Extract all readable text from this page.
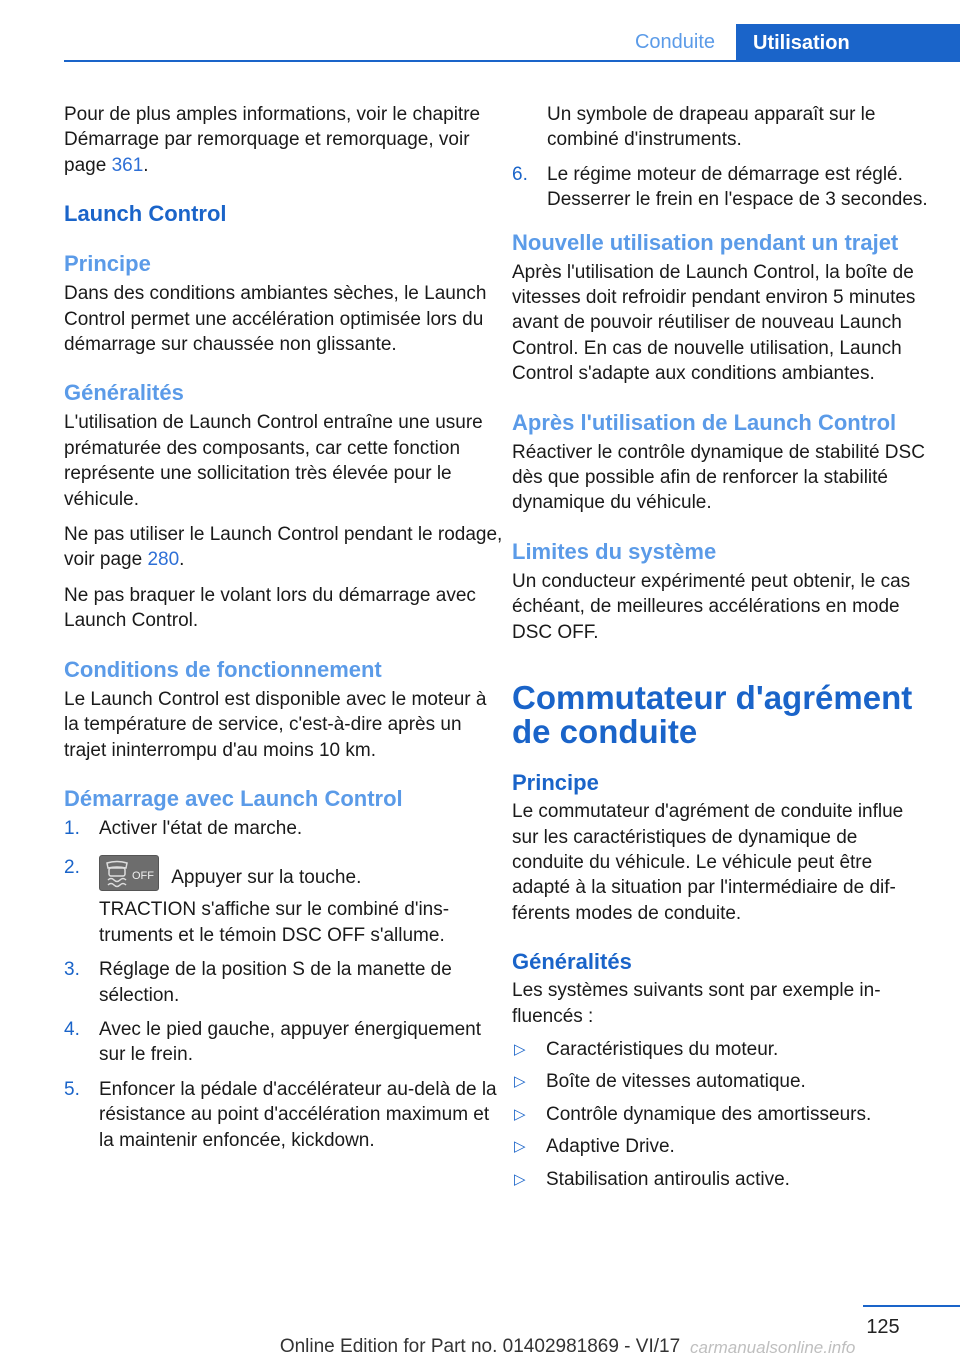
Conduite	Utilisation

Pour de plus amples informations, voir le chapitre Démarrage par remorquage et remorquage, voir page 361.

Launch Control
Principe

Dans des conditions ambiantes sèches, le Launch Control permet une accélération optimisée lors du démarrage sur chaussée non glissante.

Généralités

L'utilisation de Launch Control entraîne une usure prématurée des composants, car cette fonction représente une sollicitation très élevée pour le véhicule.

Ne pas utiliser le Launch Control pendant le rodage, voir page 280.

Ne pas braquer le volant lors du démarrage avec Launch Control.

Conditions de fonctionnement

Le Launch Control est disponible avec le moteur à la température de service, c'est-à-dire après un trajet ininterrompu d'au moins 10 km.

Démarrage avec Launch Control
1. Activer l'état de marche.
2.	OFF Appuyer sur la touche.

TRACTION s'affiche sur le combiné d'instruments et le témoin DSC OFF s'allume.

3. Réglage de la position S de la manette de sélection.
4. Avec le pied gauche, appuyer énergiquement sur le frein.
5. Enfoncer la pédale d'accélérateur au-delà de la résistance au point d'accélération maximum et la maintenir enfoncée, kickdown.
Un symbole de drapeau apparaît sur le combiné d'instruments.
6. Le régime moteur de démarrage est réglé. Desserrer le frein en l'espace de 3 secondes.
Nouvelle utilisation pendant un trajet

Après l'utilisation de Launch Control, la boîte de vitesses doit refroidir pendant environ 5 minutes avant de pouvoir réutiliser de nouveau Launch Control. En cas de nouvelle utilisation, Launch Control s'adapte aux conditions ambiantes.

Après l'utilisation de Launch Control

Réactiver le contrôle dynamique de stabilité DSC dès que possible afin de renforcer la stabilité dynamique du véhicule.

Limites du système

Un conducteur expérimenté peut obtenir, le cas échéant, de meilleures accélérations en mode DSC OFF.

Commutateur d'agrément de conduite
Principe

Le commutateur d'agrément de conduite influe sur les caractéristiques de dynamique de conduite du véhicule. Le véhicule peut être adapté à la situation par l'intermédiaire de différents modes de conduite.

Généralités

Les systèmes suivants sont par exemple influencés :

▷ Caractéristiques du moteur.
▷ Boîte de vitesses automatique.
▷ Contrôle dynamique des amortisseurs.
▷ Adaptive Drive.
▷ Stabilisation antiroulis active.
125
Online Edition for Part no. 01402981869 - VI/17 carmanualsonline.info
